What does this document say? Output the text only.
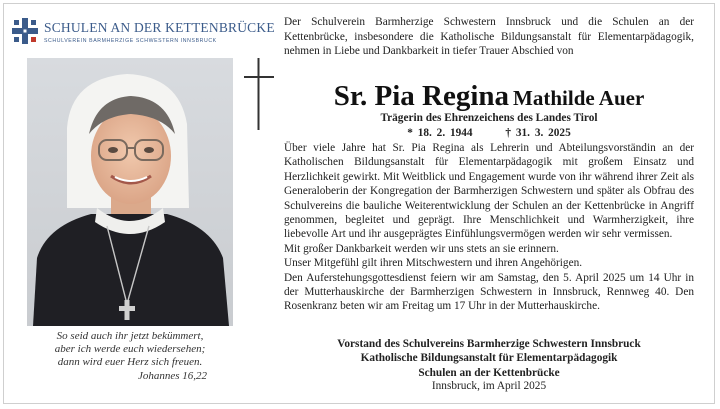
SCHULEN AN DER KETTENBRÜCKE
SCHULVEREIN BARMHERZIGE SCHWESTERN INNSBRUCK
So seid auch ihr jetzt bekümmert,
aber ich werde euch wiedersehen;
dann wird euer Herz sich freuen.
Johannes 16,22
Der Schulverein Barmherzige Schwestern Innsbruck und die Schulen an der Kettenbrücke, insbesondere die Katholische Bildungsanstalt für Elementarpädagogik, nehmen in Liebe und Dankbarkeit in tiefer Trauer Abschied von
Sr. Pia Regina Mathilde Auer
Trägerin des Ehrenzeichens des Landes Tirol
* 18. 2. 1944	† 31. 3. 2025

Über viele Jahre hat Sr. Pia Regina als Lehrerin und Abteilungsvorständin an der Katholischen Bildungsanstalt für Elementarpädagogik mit großem Einsatz und Herzlichkeit gewirkt. Mit Weitblick und Engagement wurde von ihr während ihrer Zeit als Generaloberin der Kongregation der Barmherzigen Schwestern und später als Obfrau des Schulvereins die bauliche Weiterentwicklung der Schulen an der Kettenbrücke in Angriff genommen, begleitet und geprägt. Ihre Menschlichkeit und Warmherzigkeit, ihre liebevolle Art und ihr ausgeprägtes Einfühlungsvermögen werden wir sehr vermissen.

Mit großer Dankbarkeit werden wir uns stets an sie erinnern.

Unser Mitgefühl gilt ihren Mitschwestern und ihren Angehörigen.

Den Auferstehungsgottesdienst feiern wir am Samstag, den 5. April 2025 um 14 Uhr in der Mutterhauskirche der Barmherzigen Schwestern in Innsbruck, Rennweg 40. Den Rosenkranz beten wir am Freitag um 17 Uhr in der Mutterhauskirche.

Vorstand des Schulvereins Barmherzige Schwestern Innsbruck
Katholische Bildungsanstalt für Elementarpädagogik
Schulen an der Kettenbrücke
Innsbruck, im April 2025
